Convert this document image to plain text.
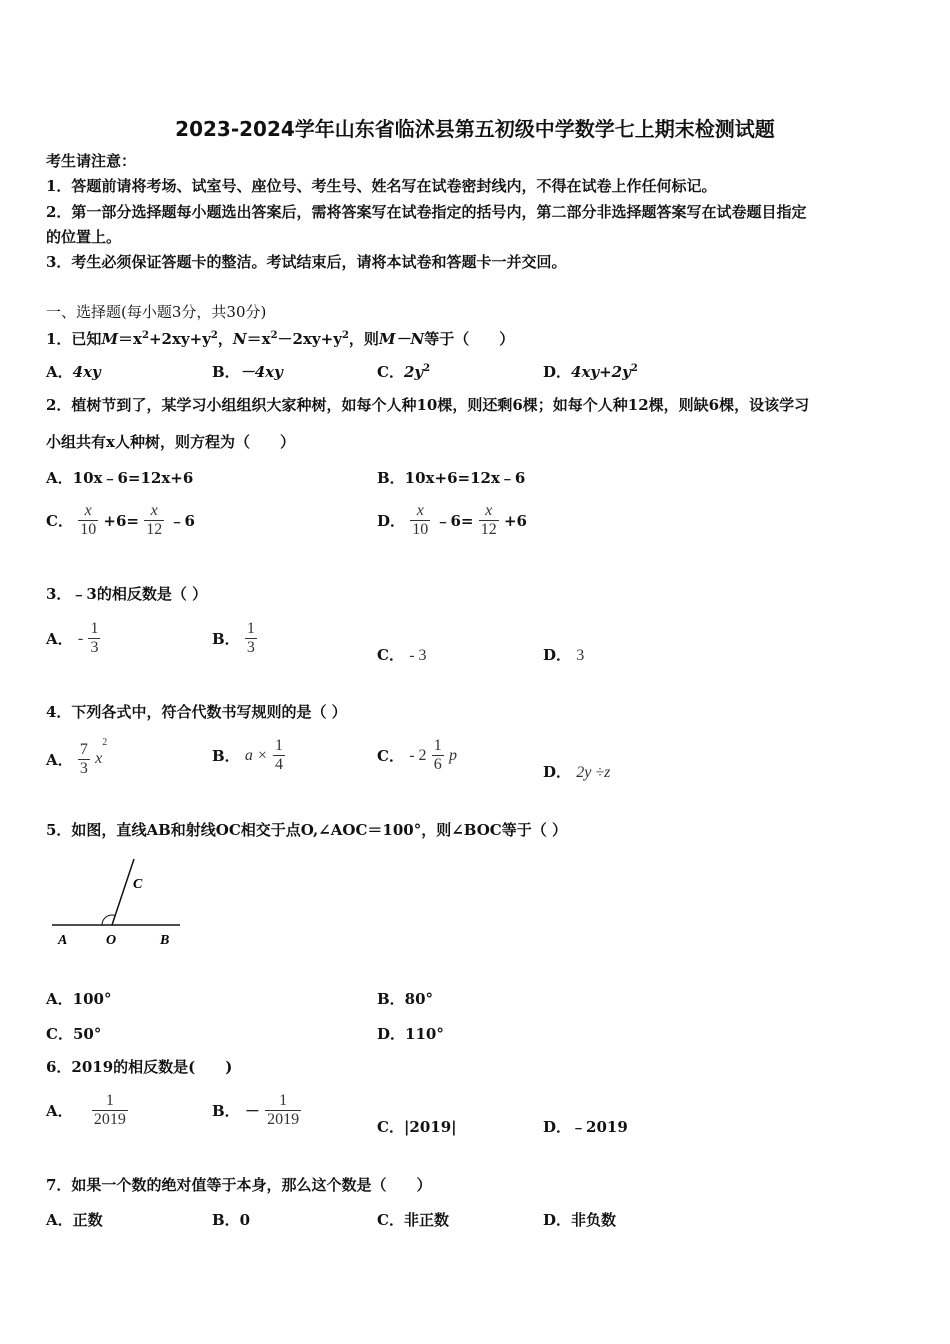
2023-2024学年山东省临沭县第五初级中学数学七上期末检测试题
考生请注意：
1．答题前请将考场、试室号、座位号、考生号、姓名写在试卷密封线内，不得在试卷上作任何标记。
2．第一部分选择题每小题选出答案后，需将答案写在试卷指定的括号内，第二部分非选择题答案写在试卷题目指定
的位置上。
3．考生必须保证答题卡的整洁。考试结束后，请将本试卷和答题卡一并交回。
一、选择题(每小题3分，共30分)
1．已知$M=x^2+2xy+y^2$，$N=x^2-2xy+y^2$，则M－N等于（　　）
A．4xy	B．－4xy	C．$2y^2$	D．$4xy+2y^2$
2．植树节到了，某学习小组组织大家种树，如每个人种10棵，则还剩6棵；如每个人种12棵，则缺6棵，设该学习
小组共有x人种树，则方程为（　　）
A．10x﹣6=12x+6	B．10x+6=12x﹣6
C． $\frac{x}{10} +6= \frac{x}{12}$ ﹣6	D． $\frac{x}{10}$ ﹣6= $\frac{x}{12} +6$
3．﹣3的相反数是（ ）
A． - $\frac{1}{3}$	B． $\frac{1}{3}$	C． - 3	D． 3
4．下列各式中，符合代数书写规则的是（ ）
A． $\frac{7}{3} x^2$
B． $a \times \frac{1}{4}$	C． - $2 \frac{1}{6}$ p
D． 2y ÷z
5．如图，直线AB和射线OC相交于点O,∠AOC＝100°，则∠BOC等于（ ）
A	O	B
C
A．100°	B．80°
C．50°	D．110°
6．2019的相反数是(　　)
A． $\frac{1}{2019}$	B． － $\frac{1}{2019}$	C．|2019|	D．﹣2019
7．如果一个数的绝对值等于本身，那么这个数是（　　）
A．正数	B．0	C．非正数	D．非负数
